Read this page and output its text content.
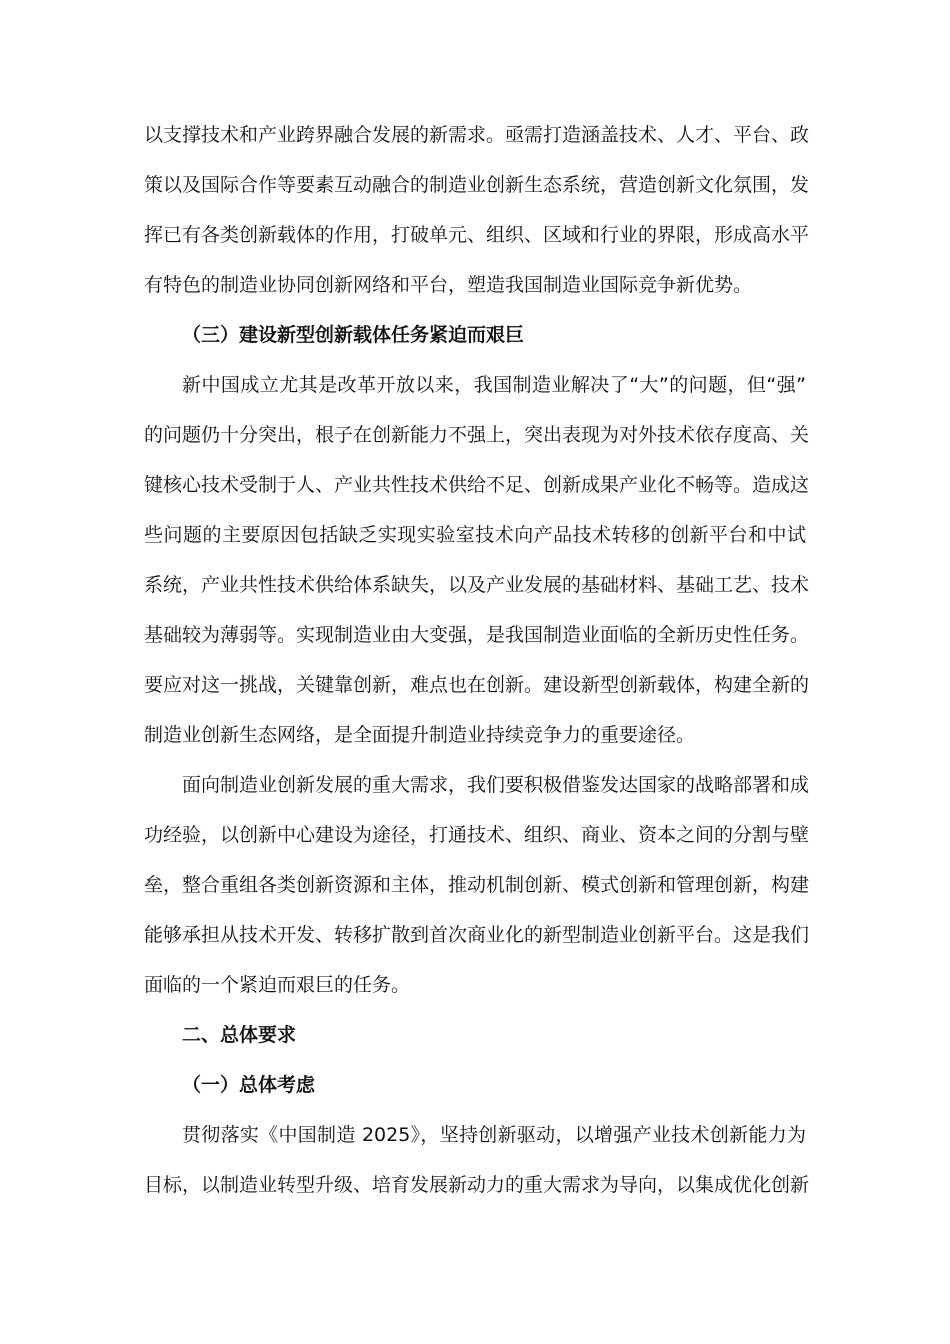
以支撑技术和产业跨界融合发展的新需求。亟需打造涵盖技术、人才、平台、政
策以及国际合作等要素互动融合的制造业创新生态系统，营造创新文化氛围，发
挥已有各类创新载体的作用，打破单元、组织、区域和行业的界限，形成高水平
有特色的制造业协同创新网络和平台，塑造我国制造业国际竞争新优势。
（三）建设新型创新载体任务紧迫而艰巨
新中国成立尤其是改革开放以来，我国制造业解决了“大”的问题，但“强”
的问题仍十分突出，根子在创新能力不强上，突出表现为对外技术依存度高、关
键核心技术受制于人、产业共性技术供给不足、创新成果产业化不畅等。造成这
些问题的主要原因包括缺乏实现实验室技术向产品技术转移的创新平台和中试
系统，产业共性技术供给体系缺失，以及产业发展的基础材料、基础工艺、技术
基础较为薄弱等。实现制造业由大变强，是我国制造业面临的全新历史性任务。
要应对这一挑战，关键靠创新，难点也在创新。建设新型创新载体，构建全新的
制造业创新生态网络，是全面提升制造业持续竞争力的重要途径。
面向制造业创新发展的重大需求，我们要积极借鉴发达国家的战略部署和成
功经验，以创新中心建设为途径，打通技术、组织、商业、资本之间的分割与壁
垒，整合重组各类创新资源和主体，推动机制创新、模式创新和管理创新，构建
能够承担从技术开发、转移扩散到首次商业化的新型制造业创新平台。这是我们
面临的一个紧迫而艰巨的任务。
二、总体要求
（一）总体考虑
贯彻落实《中国制造 2025》，坚持创新驱动，以增强产业技术创新能力为
目标，以制造业转型升级、培育发展新动力的重大需求为导向，以集成优化创新
